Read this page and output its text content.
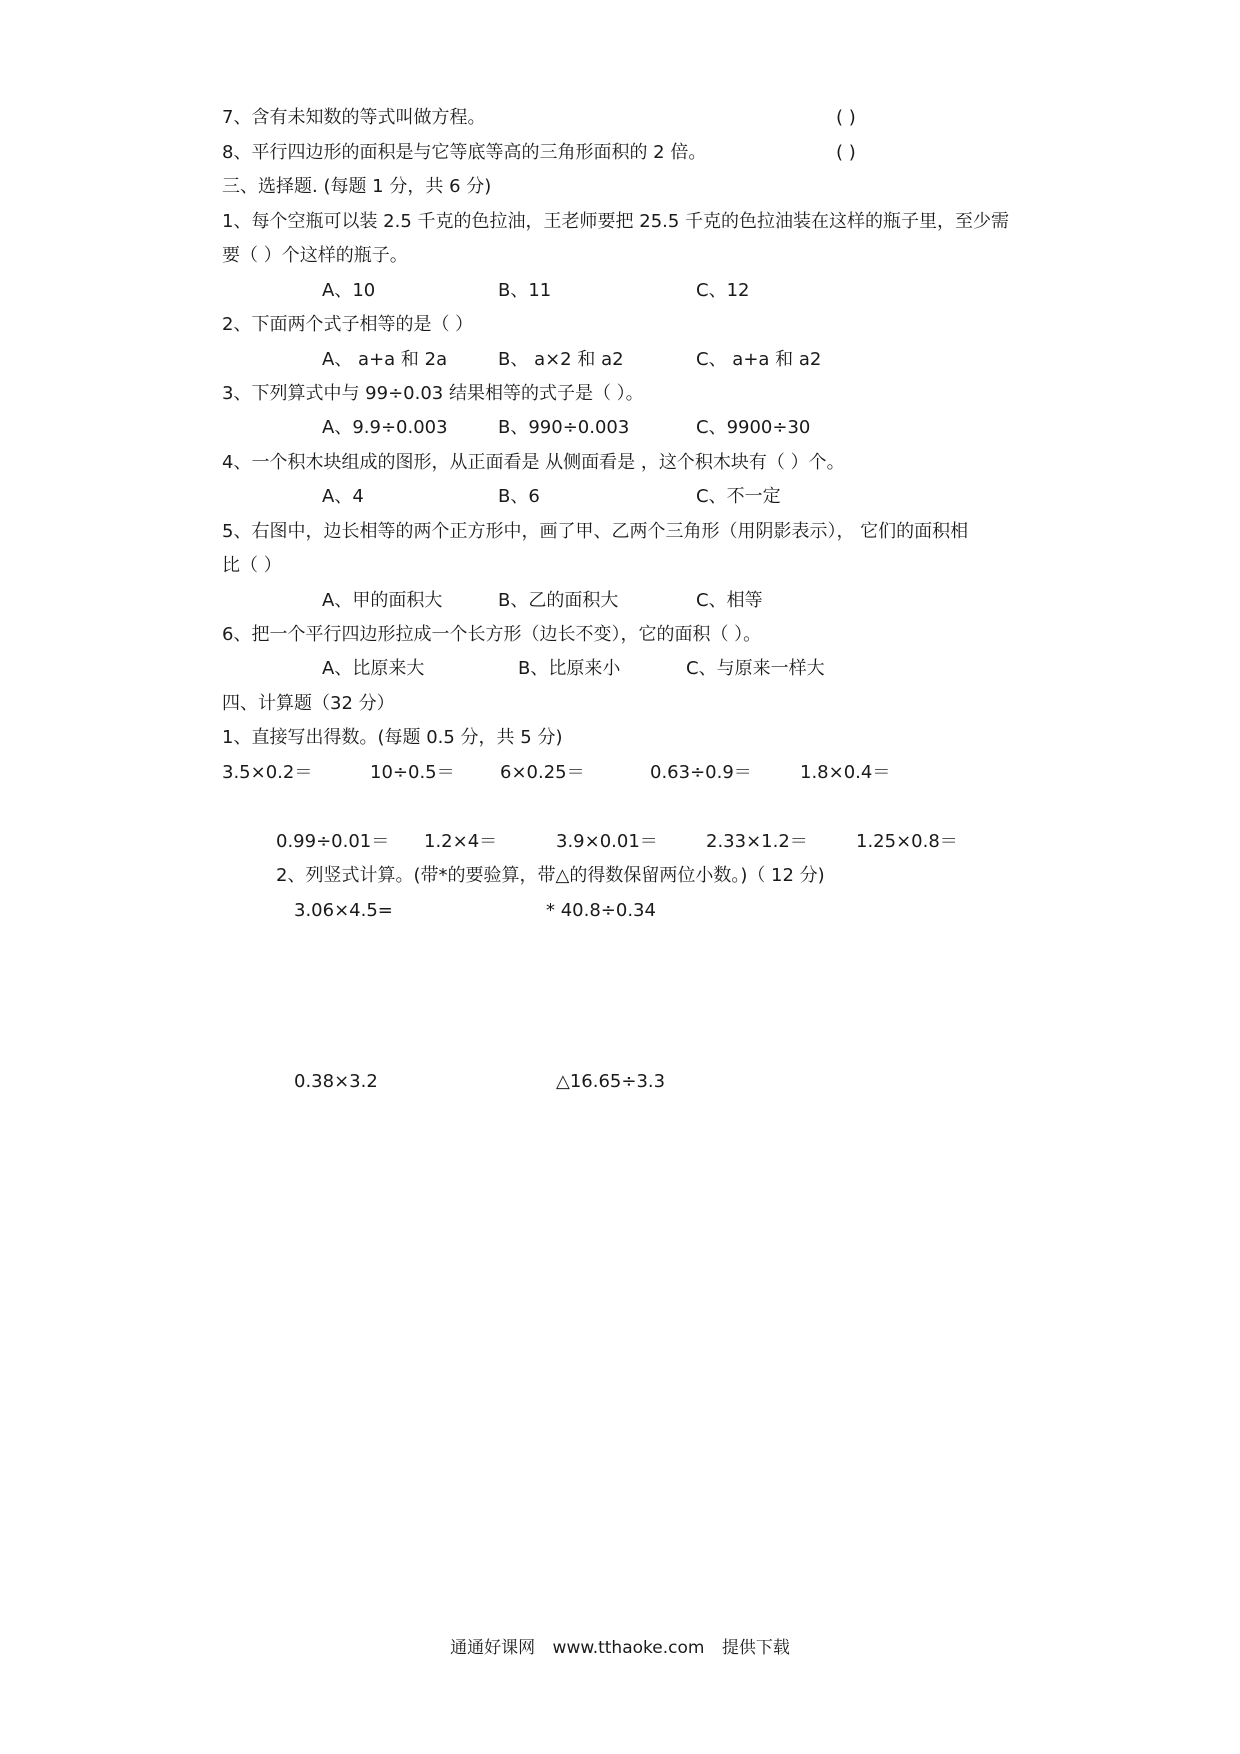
7、含有未知数的等式叫做方程。	( )
8、平行四边形的面积是与它等底等高的三角形面积的 2 倍。	( )
三、选择题. (每题 1 分，共 6 分)
1、每个空瓶可以装 2.5 千克的色拉油，王老师要把 25.5 千克的色拉油装在这样的瓶子里，至少需
要（ ）个这样的瓶子。
A、10	B、11	C、12
2、下面两个式子相等的是（ ）
A、 a+a 和 2a	B、 a×2 和 a2	C、 a+a 和 a2
3、下列算式中与 99÷0.03 结果相等的式子是（ ）。
A、9.9÷0.003	B、990÷0.003	C、9900÷30
4、一个积木块组成的图形，从正面看是 从侧面看是 ，这个积木块有（ ）个。
A、4	B、6	C、不一定
5、右图中，边长相等的两个正方形中，画了甲、乙两个三角形（用阴影表示）， 它们的面积相
比（ ）
A、甲的面积大	B、乙的面积大	C、相等
6、把一个平行四边形拉成一个长方形（边长不变），它的面积（ ）。
A、比原来大	B、比原来小	C、与原来一样大
四、计算题（32 分）
1、直接写出得数。(每题 0.5 分，共 5 分)
3.5×0.2＝	10÷0.5＝	6×0.25＝	0.63÷0.9＝	1.8×0.4＝
0.99÷0.01＝ 1.2×4＝	3.9×0.01＝	2.33×1.2＝	1.25×0.8＝
2、列竖式计算。(带*的要验算，带△的得数保留两位小数。)（ 12 分)
3.06×4.5=	* 40.8÷0.34
0.38×3.2	△16.65÷3.3
通通好课网 www.tthaoke.com 提供下载
